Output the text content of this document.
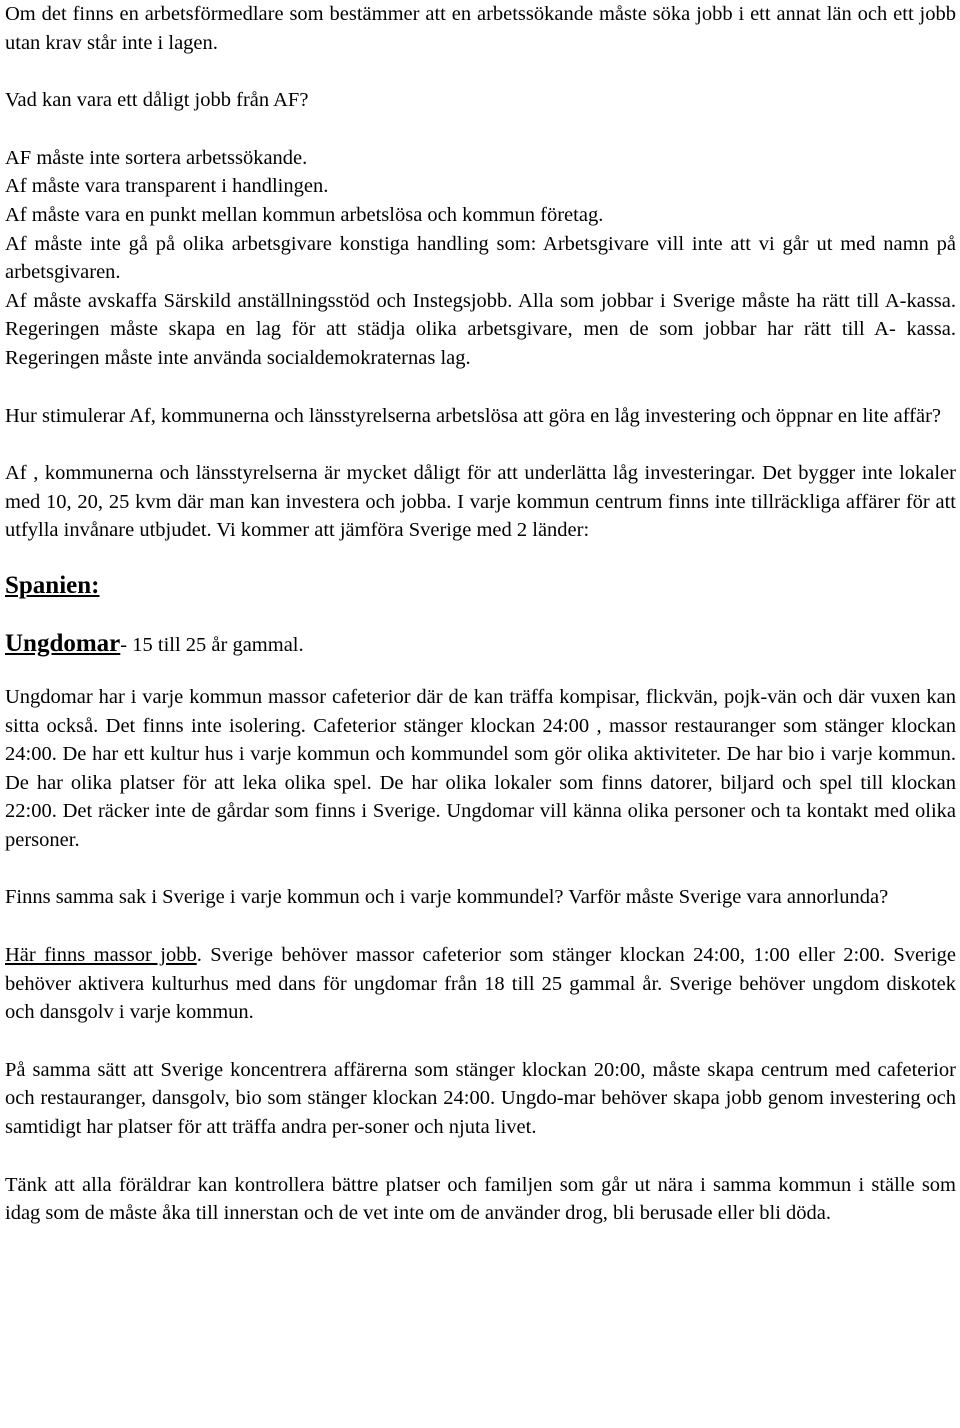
Om det finns en arbetsförmedlare som bestämmer att en arbetssökande måste söka jobb i ett annat län och ett jobb utan krav står inte i lagen.

Vad kan vara ett dåligt jobb från AF?

AF måste inte sortera arbetssökande.

Af måste vara transparent i handlingen.

Af måste vara en punkt mellan kommun arbetslösa och kommun företag.

Af måste inte gå på olika arbetsgivare konstiga handling som: Arbetsgivare vill inte att vi går ut med namn på arbetsgivaren.

Af måste avskaffa Särskild anställningsstöd och Instegsjobb. Alla som jobbar i Sverige måste ha rätt till A-kassa. Regeringen måste skapa en lag för att städja olika arbetsgivare, men de som jobbar har rätt till A- kassa. Regeringen måste inte använda socialdemokraternas lag.

Hur stimulerar Af, kommunerna och länsstyrelserna arbetslösa att göra en låg investering och öppnar en lite affär?

Af , kommunerna och länsstyrelserna är mycket dåligt för att underlätta låg investeringar. Det bygger inte lokaler med 10, 20, 25 kvm där man kan investera och jobba. I varje kommun centrum finns inte tillräckliga affärer för att utfylla invånare utbjudet. Vi kommer att jämföra Sverige med 2 länder:

Spanien:

Ungdomar- 15 till 25 år gammal.

Ungdomar har i varje kommun massor cafeterior där de kan träffa kompisar, flickvän, pojk-vän och där vuxen kan sitta också. Det finns inte isolering. Cafeterior stänger klockan 24:00 , massor restauranger som stänger klockan 24:00. De har ett kultur hus i varje kommun och kommundel som gör olika aktiviteter. De har bio i varje kommun. De har olika platser för att leka olika spel. De har olika lokaler som finns datorer, biljard och spel till klockan 22:00. Det räcker inte de gårdar som finns i Sverige. Ungdomar vill känna olika personer och ta kontakt med olika personer.

Finns samma sak i Sverige i varje kommun och i varje kommundel? Varför måste Sverige vara annorlunda?

Här finns massor jobb. Sverige behöver massor cafeterior som stänger klockan 24:00, 1:00 eller 2:00. Sverige behöver aktivera kulturhus med dans för ungdomar från 18 till 25 gammal år. Sverige behöver ungdom diskotek och dansgolv i varje kommun.

På samma sätt att Sverige koncentrera affärerna som stänger klockan 20:00, måste skapa centrum med cafeterior och restauranger, dansgolv, bio som stänger klockan 24:00. Ungdo-mar behöver skapa jobb genom investering och samtidigt har platser för att träffa andra per-soner och njuta livet.

Tänk att alla föräldrar kan kontrollera bättre platser och familjen som går ut nära i samma kommun i ställe som idag som de måste åka till innerstan och de vet inte om de använder drog, bli berusade eller bli döda.
